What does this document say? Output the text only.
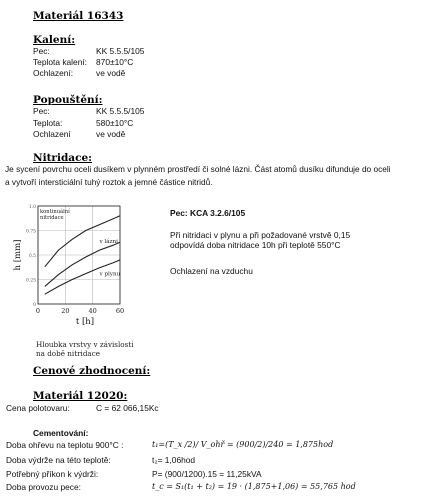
Materiál 16343
Kalení:
Pec:	KK 5.5.5/105
Teplota kalení: 870±10°C
Ochlazení:	ve vodě
Popouštění:
Pec:	KK 5.5.5/105
Teplota:	580±10°C
Ochlazení	ve vodě
Nitridace:
Je sycení povrchu oceli dusíkem v plynném prostředí či solné lázni. Část atomů dusíku difunduje do oceli
a vytvoří intersticiální tuhý roztok a jemné částice nitridů.
0	20	40	60
0
0.25
0.5
0.75
1.0
h [mm]
t [h]
kontinuální
nitridace
v lázni
v plynu
Hloubka vrstvy v závislosti
na době nitridace
Pec: KCA 3.2.6/105
Při nitridaci v plynu a při požadované vrstvě 0,15
odpovídá doba nitridace 10h při teplotě 550°C
Ochlazení na vzduchu
Cenové zhodnocení:
Materiál 12020:
Cena polotovaru:	C = 62 066,15Kc
Cementování:
Doba ohřevu na teplotu 900°C :	t₁=(T_x /2)/ V_ohř = (900/2)/240 = 1,875hod
Doba výdrže na této teplotě:	t₂= 1,06hod
Potřebný příkon k výdrži:	P= (900/1200).15 = 11,25kVA
Doba provozu pece:	t_c = S₁(t₁ + t₂) = 19 · (1,875+1,06) = 55,765 hod
